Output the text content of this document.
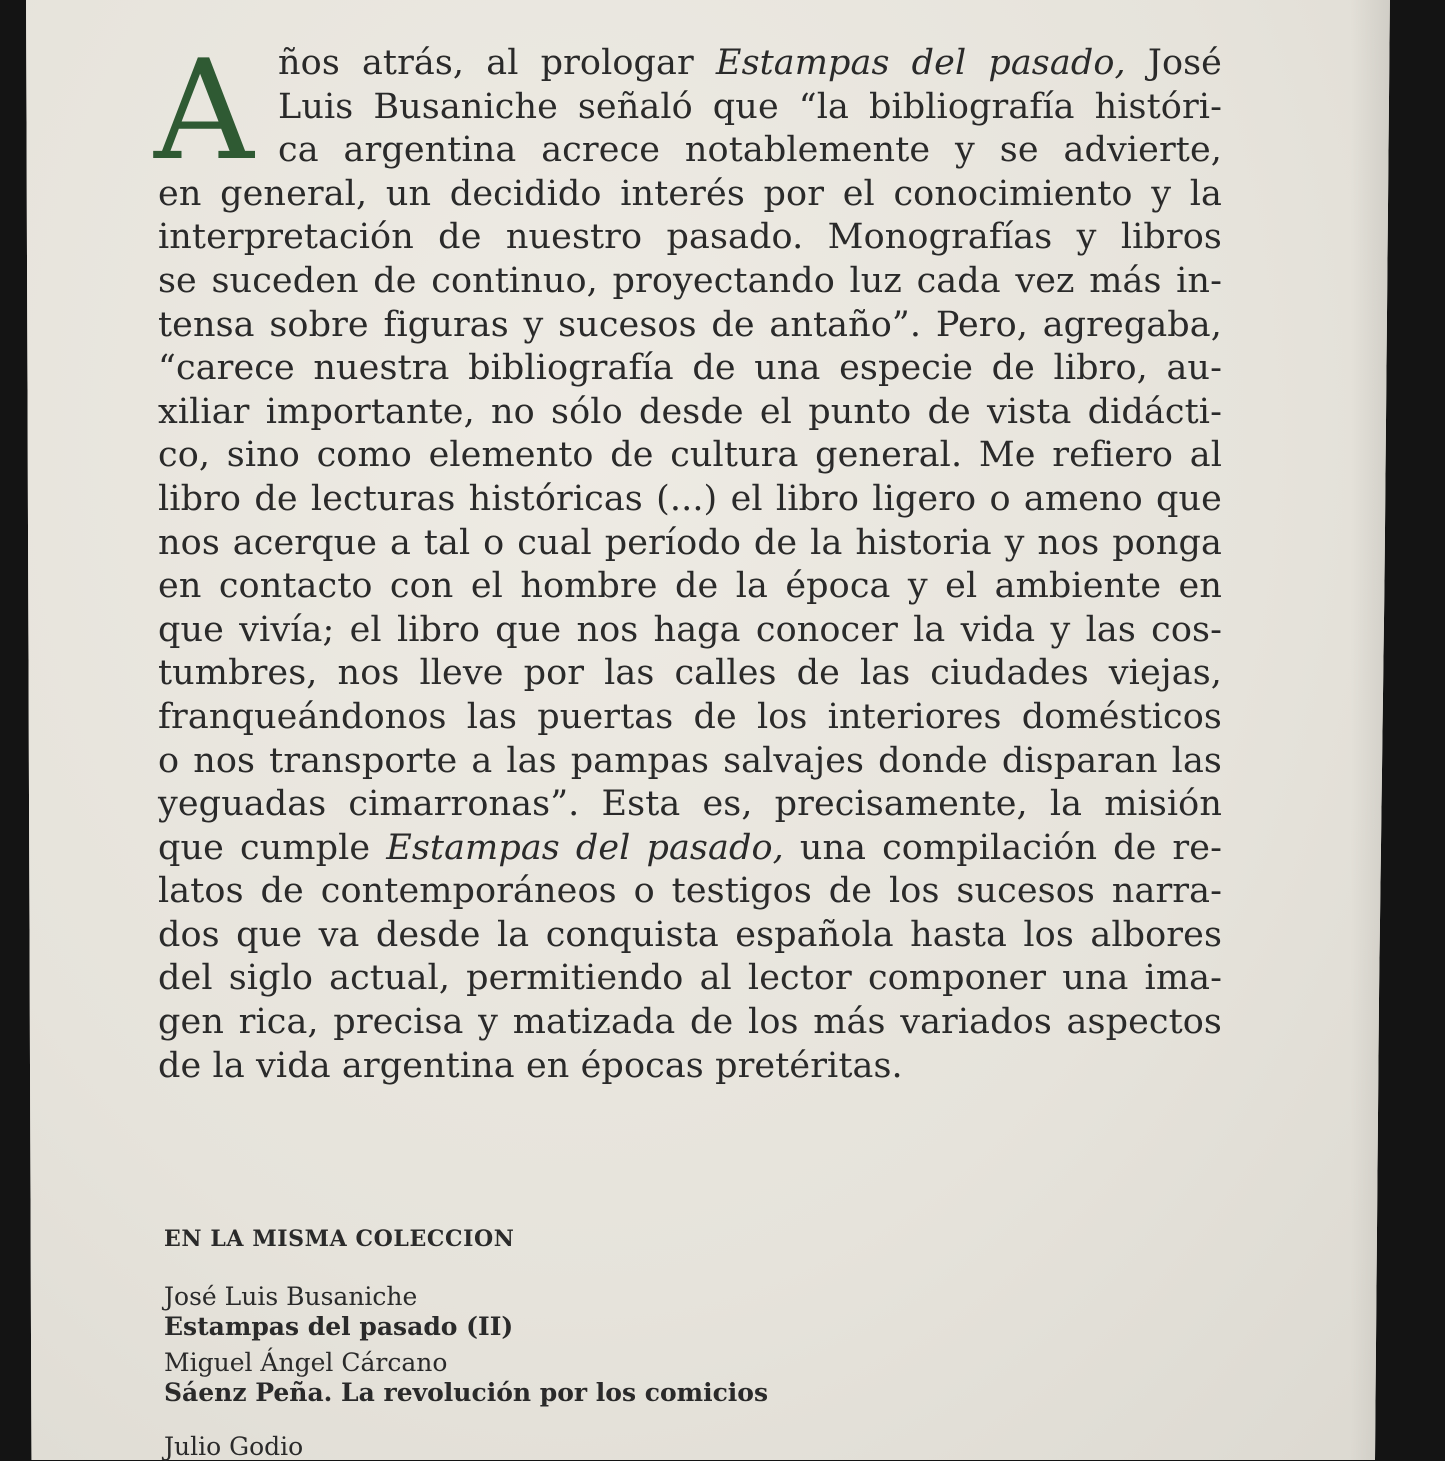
A ños atrás, al prologar Estampas del pasado, José
Luis Busaniche señaló que “la bibliografía históri-
ca argentina acrece notablemente y se advierte,
en general, un decidido interés por el conocimiento y la
interpretación de nuestro pasado. Monografías y libros
se suceden de continuo, proyectando luz cada vez más in-
tensa sobre figuras y sucesos de antaño”. Pero, agregaba,
“carece nuestra bibliografía de una especie de libro, au-
xiliar importante, no sólo desde el punto de vista didácti-
co, sino como elemento de cultura general. Me refiero al
libro de lecturas históricas (...) el libro ligero o ameno que
nos acerque a tal o cual período de la historia y nos ponga
en contacto con el hombre de la época y el ambiente en
que vivía; el libro que nos haga conocer la vida y las cos-
tumbres, nos lleve por las calles de las ciudades viejas,
franqueándonos las puertas de los interiores domésticos
o nos transporte a las pampas salvajes donde disparan las
yeguadas cimarronas”. Esta es, precisamente, la misión
que cumple Estampas del pasado, una compilación de re-
latos de contemporáneos o testigos de los sucesos narra-
dos que va desde la conquista española hasta los albores
del siglo actual, permitiendo al lector componer una ima-
gen rica, precisa y matizada de los más variados aspectos
de la vida argentina en épocas pretéritas.
EN LA MISMA COLECCION
José Luis Busaniche
Estampas del pasado (II)
Miguel Ángel Cárcano
Sáenz Peña. La revolución por los comicios
Julio Godio
